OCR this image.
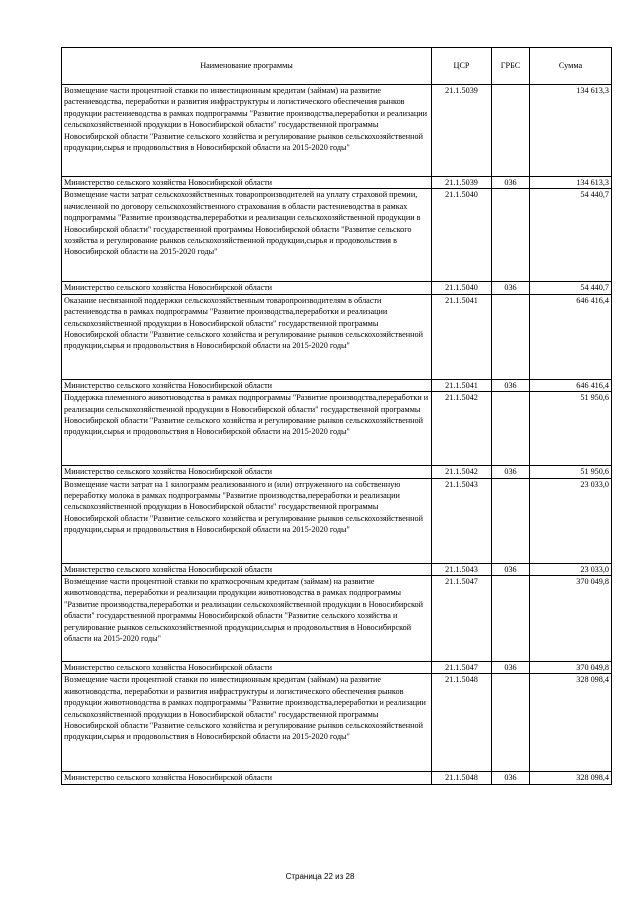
Наименование программы	ЦСР	ГРБС	Сумма
Возмещение части процентной ставки по инвестиционным кредитам (займам) на развитие растениеводства, переработки и развития инфраструктуры и логистического обеспечения рынков продукции растениеводства в рамках подпрограммы "Развитие производства,переработки и реализации сельскохозяйственной продукции в Новосибирской области" государственной программы Новосибирской области "Развитие сельского хозяйства и регулирование рынков сельскохозяйственной продукции,сырья и продовольствия в Новосибирской области на 2015-2020 годы"	21.1.5039		134 613,3
Министерство сельского хозяйства Новосибирской области	21.1.5039	036	134 613,3
Возмещение части затрат сельскохозяйственных товаропроизводителей на уплату страховой премии, начисленной по договору сельскохозяйственного страхования в области растениеводства в рамках подпрограммы "Развитие производства,переработки и реализации сельскохозяйственной продукции в Новосибирской области" государственной программы Новосибирской области "Развитие сельского хозяйства и регулирование рынков сельскохозяйственной продукции,сырья и продовольствия в Новосибирской области на 2015-2020 годы"	21.1.5040		54 440,7
Министерство сельского хозяйства Новосибирской области	21.1.5040	036	54 440,7
Оказание несвязанной поддержки сельскохозяйственным товаропроизводителям в области растениеводства в рамках подпрограммы "Развитие производства,переработки и реализации сельскохозяйственной продукции в Новосибирской области" государственной программы Новосибирской области "Развитие сельского хозяйства и регулирование рынков сельскохозяйственной продукции,сырья и продовольствия в Новосибирской области на 2015-2020 годы"	21.1.5041		646 416,4
Министерство сельского хозяйства Новосибирской области	21.1.5041	036	646 416,4
Поддержка племенного животноводства в рамках подпрограммы "Развитие производства,переработки и реализации сельскохозяйственной продукции в Новосибирской области" государственной программы Новосибирской области "Развитие сельского хозяйства и регулирование рынков сельскохозяйственной продукции,сырья и продовольствия в Новосибирской области на 2015-2020 годы"	21.1.5042		51 950,6
Министерство сельского хозяйства Новосибирской области	21.1.5042	036	51 950,6
Возмещение части затрат на 1 килограмм реализованного и (или) отгруженного на собственную переработку молока в рамках подпрограммы "Развитие производства,переработки и реализации сельскохозяйственной продукции в Новосибирской области" государственной программы Новосибирской области "Развитие сельского хозяйства и регулирование рынков сельскохозяйственной продукции,сырья и продовольствия в Новосибирской области на 2015-2020 годы"	21.1.5043		23 033,0
Министерство сельского хозяйства Новосибирской области	21.1.5043	036	23 033,0
Возмещение части процентной ставки по краткосрочным кредитам (займам) на развитие животноводства, переработки и реализации продукции животноводства в рамках подпрограммы "Развитие производства,переработки и реализации сельскохозяйственной продукции в Новосибирской области" государственной программы Новосибирской области "Развитие сельского хозяйства и регулирование рынков сельскохозяйственной продукции,сырья и продовольствия в Новосибирской области на 2015-2020 годы"	21.1.5047		370 049,8
Министерство сельского хозяйства Новосибирской области	21.1.5047	036	370 049,8
Возмещение части процентной ставки по инвестиционным кредитам (займам) на развитие животноводства, переработки и развития инфраструктуры и логистического обеспечения рынков продукции животноводства в рамках подпрограммы "Развитие производства,переработки и реализации сельскохозяйственной продукции в Новосибирской области" государственной программы Новосибирской области "Развитие сельского хозяйства и регулирование рынков сельскохозяйственной продукции,сырья и продовольствия в Новосибирской области на 2015-2020 годы"	21.1.5048		328 098,4
Министерство сельского хозяйства Новосибирской области	21.1.5048	036	328 098,4
Страница 22 из 28
